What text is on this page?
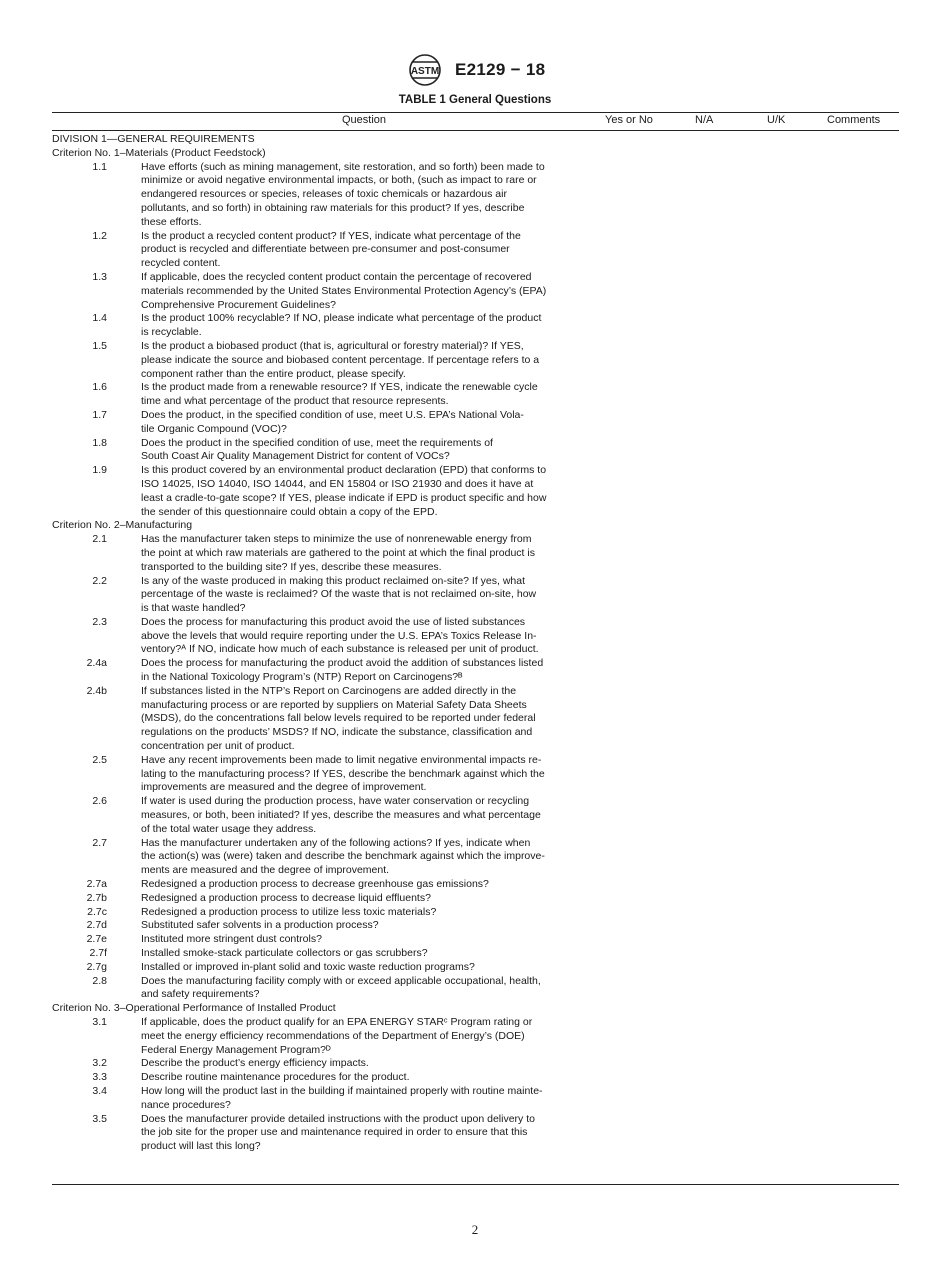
ASTM E2129 − 18
TABLE 1 General Questions
Question	Yes or No	N/A	U/K	Comments
DIVISION 1—GENERAL REQUIREMENTS
Criterion No. 1–Materials (Product Feedstock)
1.1	Have efforts (such as mining management, site restoration, and so forth) been made to
minimize or avoid negative environmental impacts, or both, (such as impact to rare or
endangered resources or species, releases of toxic chemicals or hazardous air
pollutants, and so forth) in obtaining raw materials for this product? If yes, describe
these efforts.
1.2	Is the product a recycled content product? If YES, indicate what percentage of the
product is recycled and differentiate between pre-consumer and post-consumer
recycled content.
1.3	If applicable, does the recycled content product contain the percentage of recovered
materials recommended by the United States Environmental Protection Agency’s (EPA)
Comprehensive Procurement Guidelines?
1.4	Is the product 100% recyclable? If NO, please indicate what percentage of the product
is recyclable.
1.5	Is the product a biobased product (that is, agricultural or forestry material)? If YES,
please indicate the source and biobased content percentage. If percentage refers to a
component rather than the entire product, please specify.
1.6	Is the product made from a renewable resource? If YES, indicate the renewable cycle
time and what percentage of the product that resource represents.
1.7	Does the product, in the specified condition of use, meet U.S. EPA’s National Vola-
tile Organic Compound (VOC)?
1.8	Does the product in the specified condition of use, meet the requirements of
South Coast Air Quality Management District for content of VOCs?
1.9	Is this product covered by an environmental product declaration (EPD) that conforms to
ISO 14025, ISO 14040, ISO 14044, and EN 15804 or ISO 21930 and does it have at
least a cradle-to-gate scope? If YES, please indicate if EPD is product specific and how
the sender of this questionnaire could obtain a copy of the EPD.
Criterion No. 2–Manufacturing
2.1	Has the manufacturer taken steps to minimize the use of nonrenewable energy from
the point at which raw materials are gathered to the point at which the final product is
transported to the building site? If yes, describe these measures.
2.2	Is any of the waste produced in making this product reclaimed on-site? If yes, what
percentage of the waste is reclaimed? Of the waste that is not reclaimed on-site, how
is that waste handled?
2.3	Does the process for manufacturing this product avoid the use of listed substances
above the levels that would require reporting under the U.S. EPA’s Toxics Release In-
ventory?ᴬ If NO, indicate how much of each substance is released per unit of product.
2.4a	Does the process for manufacturing the product avoid the addition of substances listed
in the National Toxicology Program’s (NTP) Report on Carcinogens?ᴮ
2.4b	If substances listed in the NTP’s Report on Carcinogens are added directly in the
manufacturing process or are reported by suppliers on Material Safety Data Sheets
(MSDS), do the concentrations fall below levels required to be reported under federal
regulations on the products’ MSDS? If NO, indicate the substance, classification and
concentration per unit of product.
2.5	Have any recent improvements been made to limit negative environmental impacts re-
lating to the manufacturing process? If YES, describe the benchmark against which the
improvements are measured and the degree of improvement.
2.6	If water is used during the production process, have water conservation or recycling
measures, or both, been initiated? If yes, describe the measures and what percentage
of the total water usage they address.
2.7	Has the manufacturer undertaken any of the following actions? If yes, indicate when
the action(s) was (were) taken and describe the benchmark against which the improve-
ments are measured and the degree of improvement.
2.7a	Redesigned a production process to decrease greenhouse gas emissions?
2.7b	Redesigned a production process to decrease liquid effluents?
2.7c	Redesigned a production process to utilize less toxic materials?
2.7d	Substituted safer solvents in a production process?
2.7e	Instituted more stringent dust controls?
2.7f	Installed smoke-stack particulate collectors or gas scrubbers?
2.7g	Installed or improved in-plant solid and toxic waste reduction programs?
2.8	Does the manufacturing facility comply with or exceed applicable occupational, health,
and safety requirements?
Criterion No. 3–Operational Performance of Installed Product
3.1	If applicable, does the product qualify for an EPA ENERGY STARᶜ Program rating or
meet the energy efficiency recommendations of the Department of Energy’s (DOE)
Federal Energy Management Program?ᴰ
3.2	Describe the product’s energy efficiency impacts.
3.3	Describe routine maintenance procedures for the product.
3.4	How long will the product last in the building if maintained properly with routine mainte-
nance procedures?
3.5	Does the manufacturer provide detailed instructions with the product upon delivery to
the job site for the proper use and maintenance required in order to ensure that this
product will last this long?
2
